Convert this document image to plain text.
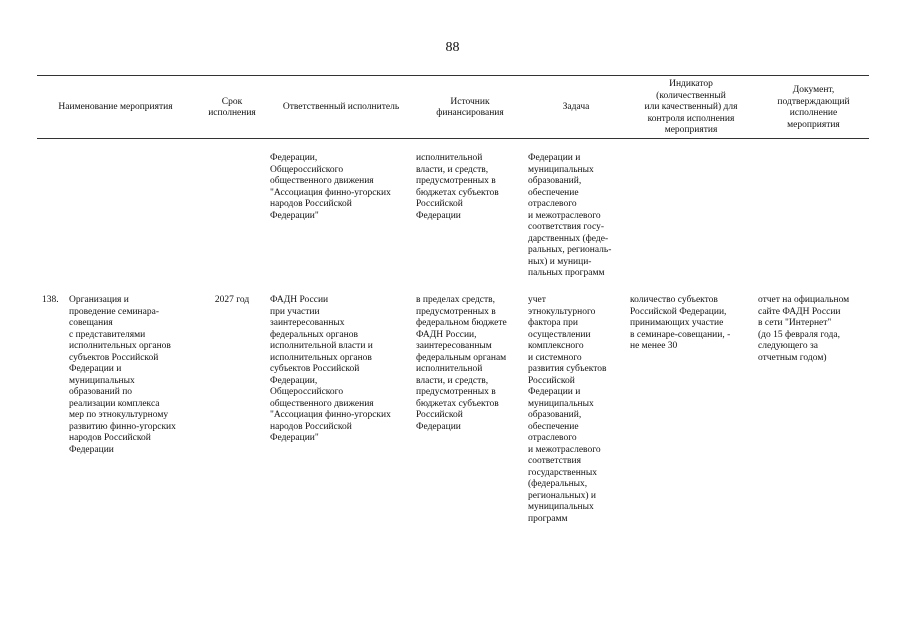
88
Наименование мероприятия
Срок
исполнения
Ответственный исполнитель
Источник
финансирования
Задача
Индикатор
(количественный
или качественный) для
контроля исполнения
мероприятия
Документ,
подтверждающий
исполнение
мероприятия
Федерации,
Общероссийского
общественного движения
"Ассоциация финно-угорских
народов Российской
Федерации"
исполнительной
власти, и средств,
предусмотренных в
бюджетах субъектов
Российской
Федерации
Федерации и
муниципальных
образований,
обеспечение
отраслевого
и межотраслевого
соответствия госу-
дарственных (феде-
ральных, региональ-
ных) и муници-
пальных программ
138. Организация и
проведение семинара-
совещания
с представителями
исполнительных органов
субъектов Российской
Федерации и
муниципальных
образований по
реализации комплекса
мер по этнокультурному
развитию финно-угорских
народов Российской
Федерации
2027 год	ФАДН России
при участии
заинтересованных
федеральных органов
исполнительной власти и
исполнительных органов
субъектов Российской
Федерации,
Общероссийского
общественного движения
"Ассоциация финно-угорских
народов Российской
Федерации"
в пределах средств,
предусмотренных в
федеральном бюджете
ФАДН России,
заинтересованным
федеральным органам
исполнительной
власти, и средств,
предусмотренных в
бюджетах субъектов
Российской
Федерации
учет
этнокультурного
фактора при
осуществлении
комплексного
и системного
развития субъектов
Российской
Федерации и
муниципальных
образований,
обеспечение
отраслевого
и межотраслевого
соответствия
государственных
(федеральных,
региональных) и
муниципальных
программ
количество субъектов
Российской Федерации,
принимающих участие
в семинаре-совещании, -
не менее 30
отчет на официальном
сайте ФАДН России
в сети "Интернет"
(до 15 февраля года,
следующего за
отчетным годом)
